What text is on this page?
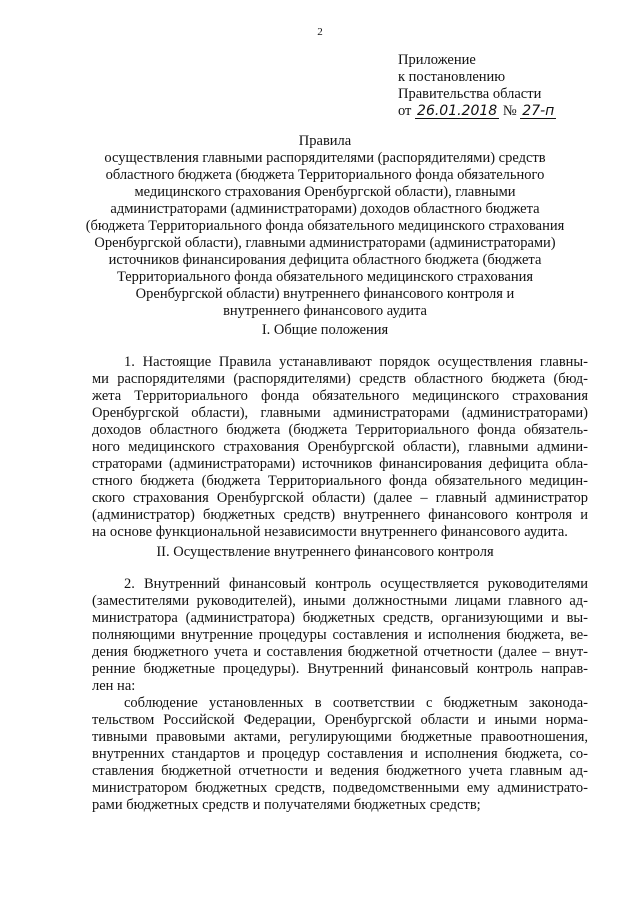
2
Приложение
к постановлению
Правительства области
от 26.01.2018 № 27-п
Правила
осуществления главными распорядителями (распорядителями) средств
областного бюджета (бюджета Территориального фонда обязательного
медицинского страхования Оренбургской области), главными
администраторами (администраторами) доходов областного бюджета
(бюджета Территориального фонда обязательного медицинского страхования
Оренбургской области), главными администраторами (администраторами)
источников финансирования дефицита областного бюджета (бюджета
Территориального фонда обязательного медицинского страхования
Оренбургской области) внутреннего финансового контроля и
внутреннего финансового аудита
I. Общие положения
1. Настоящие Правила устанавливают порядок осуществления главны-
ми распорядителями (распорядителями) средств областного бюджета (бюд-
жета Территориального фонда обязательного медицинского страхования
Оренбургской области), главными администраторами (администраторами)
доходов областного бюджета (бюджета Территориального фонда обязатель-
ного медицинского страхования Оренбургской области), главными админи-
страторами (администраторами) источников финансирования дефицита обла-
стного бюджета (бюджета Территориального фонда обязательного медицин-
ского страхования Оренбургской области) (далее – главный администратор
(администратор) бюджетных средств) внутреннего финансового контроля и
на основе функциональной независимости внутреннего финансового аудита.
II. Осуществление внутреннего финансового контроля
2. Внутренний финансовый контроль осуществляется руководителями
(заместителями руководителей), иными должностными лицами главного ад-
министратора (администратора) бюджетных средств, организующими и вы-
полняющими внутренние процедуры составления и исполнения бюджета, ве-
дения бюджетного учета и составления бюджетной отчетности (далее – внут-
ренние бюджетные процедуры). Внутренний финансовый контроль направ-
лен на:
соблюдение установленных в соответствии с бюджетным законода-
тельством Российской Федерации, Оренбургской области и иными норма-
тивными правовыми актами, регулирующими бюджетные правоотношения,
внутренних стандартов и процедур составления и исполнения бюджета, со-
ставления бюджетной отчетности и ведения бюджетного учета главным ад-
министратором бюджетных средств, подведомственными ему администрато-
рами бюджетных средств и получателями бюджетных средств;
